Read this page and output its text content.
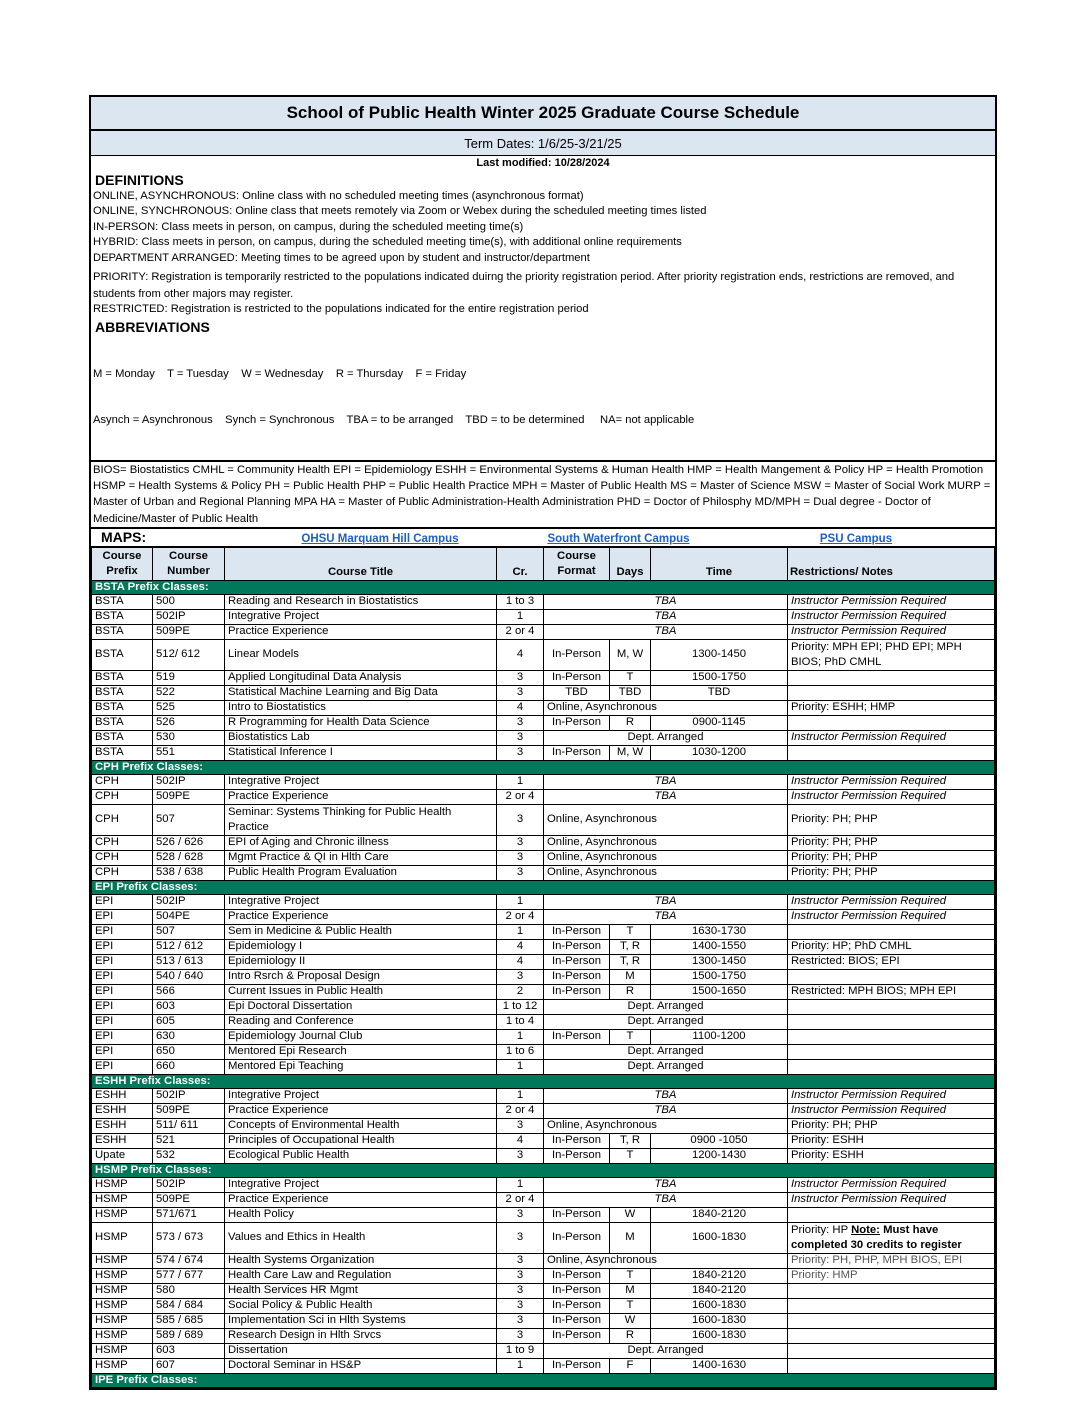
School of Public Health Winter 2025 Graduate Course Schedule
Term Dates: 1/6/25-3/21/25
Last modified: 10/28/2024
DEFINITIONS
ONLINE, ASYNCHRONOUS: Online class with no scheduled meeting times (asynchronous format)
ONLINE, SYNCHRONOUS: Online class that meets remotely via Zoom or Webex during the scheduled meeting times listed
IN-PERSON: Class meets in person, on campus, during the scheduled meeting time(s)
HYBRID: Class meets in person, on campus, during the scheduled meeting time(s), with additional online requirements
DEPARTMENT ARRANGED: Meeting times to be agreed upon by student and instructor/department
PRIORITY: Registration is temporarily restricted to the populations indicated duirng the priority registration period. After priority registration ends, restrictions are removed, and students from other majors may register.
RESTRICTED: Registration is restricted to the populations indicated for the entire registration period
ABBREVIATIONS

M = Monday    T = Tuesday    W = Wednesday    R = Thursday    F = Friday

Asynch = Asynchronous    Synch = Synchronous    TBA = to be arranged    TBD = to be determined     NA= not applicable

BIOS= Biostatistics CMHL = Community Health EPI = Epidemiology ESHH = Environmental Systems & Human Health HMP = Health Mangement & Policy HP = Health Promotion HSMP = Health Systems & Policy PH = Public Health PHP = Public Health Practice MPH = Master of Public Health MS = Master of Science MSW = Master of Social Work MURP = Master of Urban and Regional Planning MPA HA = Master of Public Administration-Health Administration PHD = Doctor of Philosphy MD/MPH = Dual degree - Doctor of Medicine/Master of Public Health
MAPS:	OHSU Marquam Hill Campus	South Waterfront Campus	PSU Campus
Course Prefix	Course Number	Course Title	Cr.	Course Format	Days	Time	Restrictions/ Notes
BSTA Prefix Classes:							
BSTA	500	Reading and Research in Biostatistics	1 to 3	TBA			Instructor Permission Required
BSTA	502IP	Integrative Project	1	TBA			Instructor Permission Required
BSTA	509PE	Practice Experience	2 or 4	TBA			Instructor Permission Required
BSTA	512/ 612	Linear Models	4	In-Person	M, W	1300-1450	Priority: MPH EPI; PHD EPI; MPH BIOS; PhD CMHL
BSTA	519	Applied Longitudinal Data Analysis	3	In-Person	T	1500-1750	
BSTA	522	Statistical Machine Learning and Big Data	3	TBD	TBD	TBD	
BSTA	525	Intro to Biostatistics	4	Online, Asynchronous			Priority: ESHH; HMP
BSTA	526	R Programming for Health Data Science	3	In-Person	R	0900-1145	
BSTA	530	Biostatistics Lab	3	Dept. Arranged			Instructor Permission Required
BSTA	551	Statistical Inference I	3	In-Person	M, W	1030-1200	
CPH Prefix Classes:							
CPH	502IP	Integrative Project	1	TBA			Instructor Permission Required
CPH	509PE	Practice Experience	2 or 4	TBA			Instructor Permission Required
CPH	507	Seminar: Systems Thinking for Public Health Practice	3	Online, Asynchronous			Priority: PH; PHP
CPH	526 / 626	EPI of Aging and Chronic illness	3	Online, Asynchronous			Priority: PH; PHP
CPH	528 / 628	Mgmt Practice & QI in Hlth Care	3	Online, Asynchronous			Priority: PH; PHP
CPH	538 / 638	Public Health Program Evaluation	3	Online, Asynchronous			Priority: PH; PHP
EPI Prefix Classes:							
EPI	502IP	Integrative Project	1	TBA			Instructor Permission Required
EPI	504PE	Practice Experience	2 or 4	TBA			Instructor Permission Required
EPI	507	Sem in Medicine & Public Health	1	In-Person	T	1630-1730	
EPI	512 / 612	Epidemiology I	4	In-Person	T, R	1400-1550	Priority: HP; PhD CMHL
EPI	513 / 613	Epidemiology II	4	In-Person	T, R	1300-1450	Restricted: BIOS; EPI
EPI	540 / 640	Intro Rsrch & Proposal Design	3	In-Person	M	1500-1750	
EPI	566	Current Issues in Public Health	2	In-Person	R	1500-1650	Restricted: MPH BIOS; MPH EPI
EPI	603	Epi Doctoral Dissertation	1 to 12	Dept. Arranged			
EPI	605	Reading and Conference	1 to 4	Dept. Arranged			
EPI	630	Epidemiology Journal Club	1	In-Person	T	1100-1200	
EPI	650	Mentored Epi Research	1 to 6	Dept. Arranged			
EPI	660	Mentored Epi Teaching	1	Dept. Arranged			
ESHH Prefix Classes:							
ESHH	502IP	Integrative Project	1	TBA			Instructor Permission Required
ESHH	509PE	Practice Experience	2 or 4	TBA			Instructor Permission Required
ESHH	511/ 611	Concepts of Environmental Health	3	Online, Asynchronous			Priority: PH; PHP
ESHH	521	Principles of Occupational Health	4	In-Person	T, R	0900 -1050	Priority: ESHH
Upate	532	Ecological Public Health	3	In-Person	T	1200-1430	Priority: ESHH
HSMP Prefix Classes:							
HSMP	502IP	Integrative Project	1	TBA			Instructor Permission Required
HSMP	509PE	Practice Experience	2 or 4	TBA			Instructor Permission Required
HSMP	571/671	Health Policy	3	In-Person	W	1840-2120	
HSMP	573 / 673	Values and Ethics in Health	3	In-Person	M	1600-1830	Priority: HP Note: Must have completed 30 credits to register
HSMP	574 / 674	Health Systems Organization	3	Online, Asynchronous			Priority: PH, PHP, MPH BIOS, EPI
HSMP	577 / 677	Health Care Law and Regulation	3	In-Person	T	1840-2120	Priority: HMP
HSMP	580	Health Services HR Mgmt	3	In-Person	M	1840-2120	
HSMP	584 / 684	Social Policy & Public Health	3	In-Person	T	1600-1830	
HSMP	585 / 685	Implementation Sci in Hlth Systems	3	In-Person	W	1600-1830	
HSMP	589 / 689	Research Design in Hlth Srvcs	3	In-Person	R	1600-1830	
HSMP	603	Dissertation	1 to 9	Dept. Arranged			
HSMP	607	Doctoral Seminar in HS&P	1	In-Person	F	1400-1630	
IPE Prefix Classes:							
